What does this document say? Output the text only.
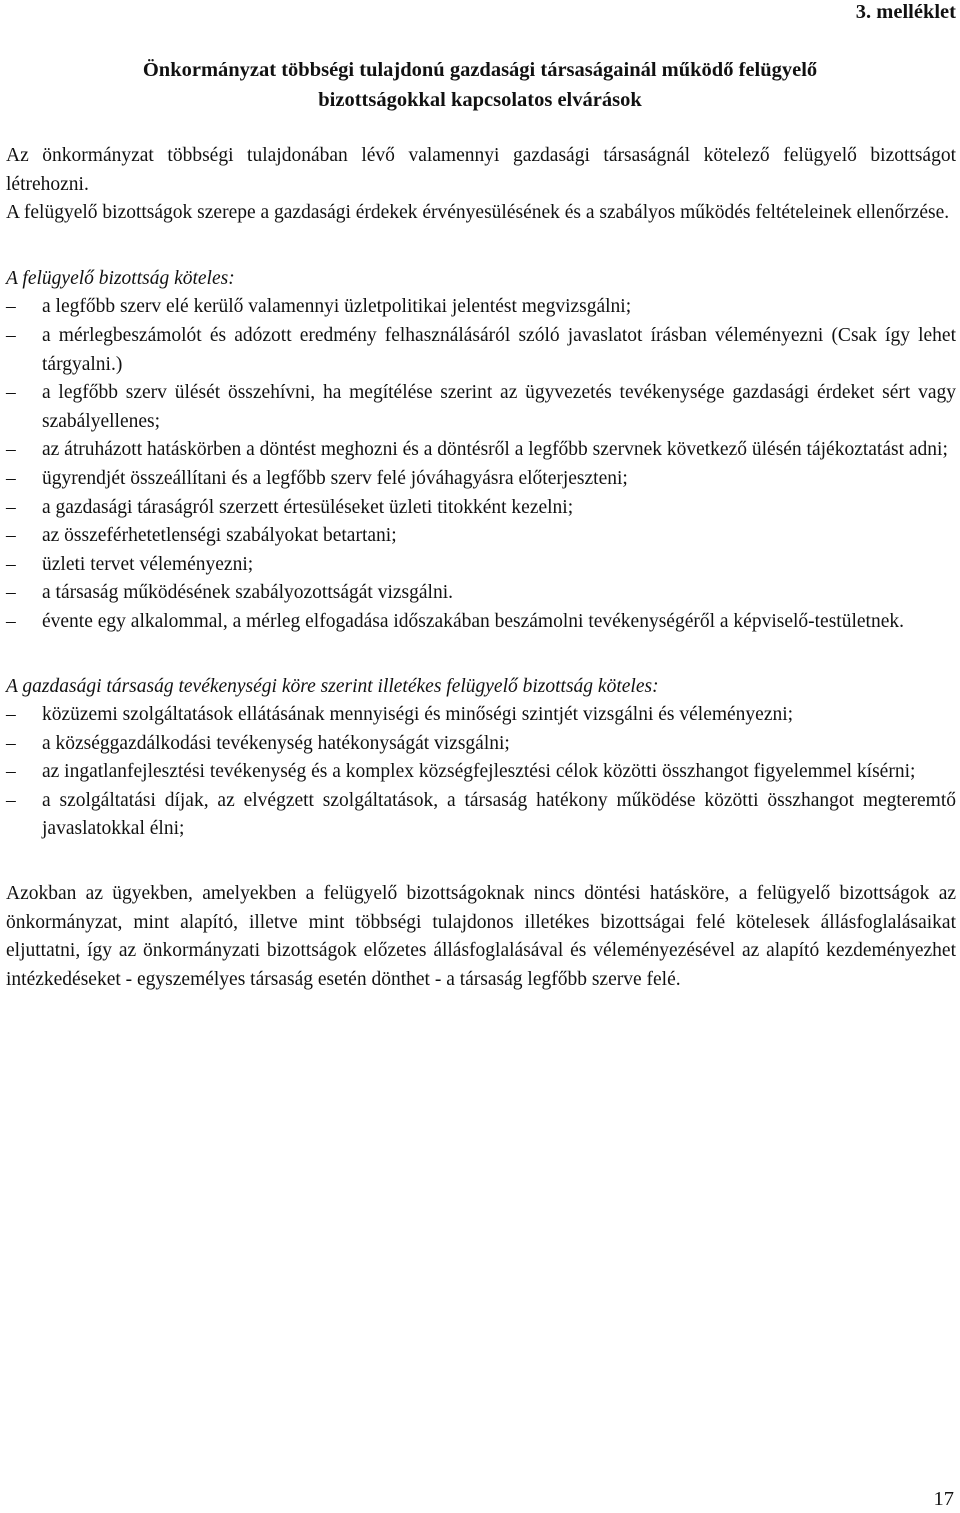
3. melléklet
Önkormányzat többségi tulajdonú gazdasági társaságainál működő felügyelő
bizottságokkal kapcsolatos elvárások

Az önkormányzat többségi tulajdonában lévő valamennyi gazdasági társaságnál kötelező felügyelő bizottságot létrehozni.

A felügyelő bizottságok szerepe a gazdasági érdekek érvényesülésének és a szabályos működés feltételeinek ellenőrzése.

A felügyelő bizottság köteles:

–	a legfőbb szerv elé kerülő valamennyi üzletpolitikai jelentést megvizsgálni;
–	a mérlegbeszámolót és adózott eredmény felhasználásáról szóló javaslatot írásban véleményezni (Csak így lehet tárgyalni.)
–	a legfőbb szerv ülését összehívni, ha megítélése szerint az ügyvezetés tevékenysége gazdasági érdeket sért vagy szabályellenes;
–	az átruházott hatáskörben a döntést meghozni és a döntésről a legfőbb szervnek következő ülésén tájékoztatást adni;
–	ügyrendjét összeállítani és a legfőbb szerv felé jóváhagyásra előterjeszteni;
–	a gazdasági táraságról szerzett értesüléseket üzleti titokként kezelni;
–	az összeférhetetlenségi szabályokat betartani;
–	üzleti tervet véleményezni;
–	a társaság működésének szabályozottságát vizsgálni.
–	évente egy alkalommal, a mérleg elfogadása időszakában beszámolni tevékenységéről a képviselő-testületnek.

A gazdasági társaság tevékenységi köre szerint illetékes felügyelő bizottság köteles:

–	közüzemi szolgáltatások ellátásának mennyiségi és minőségi szintjét vizsgálni és véleményezni;
–	a községgazdálkodási tevékenység hatékonyságát vizsgálni;
–	az ingatlanfejlesztési tevékenység és a komplex községfejlesztési célok közötti összhangot figyelemmel kísérni;
–	a szolgáltatási díjak, az elvégzett szolgáltatások, a társaság hatékony működése közötti összhangot megteremtő javaslatokkal élni;

Azokban az ügyekben, amelyekben a felügyelő bizottságoknak nincs döntési hatásköre, a felügyelő bizottságok az önkormányzat, mint alapító, illetve mint többségi tulajdonos illetékes bizottságai felé kötelesek állásfoglalásaikat eljuttatni, így az önkormányzati bizottságok előzetes állásfoglalásával és véleményezésével az alapító kezdeményezhet intézkedéseket - egyszemélyes társaság esetén dönthet - a társaság legfőbb szerve felé.

17
